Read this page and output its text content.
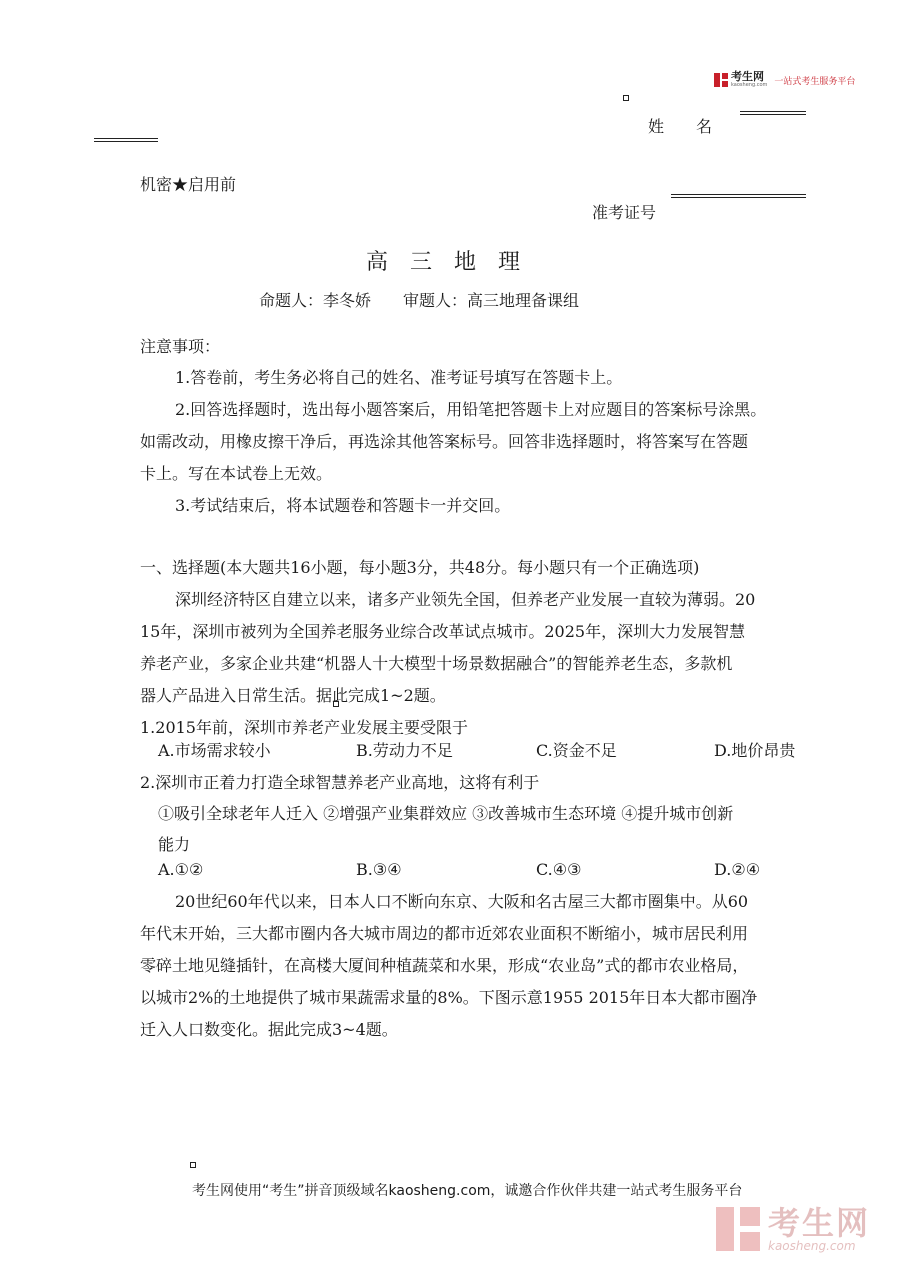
考生网
kaosheng.com 一站式考生服务平台
姓　　名
机密★启用前
准考证号
高三地理
命题人：李冬娇　　审题人：高三地理备课组
注意事项：
1.答卷前，考生务必将自己的姓名、准考证号填写在答题卡上。
2.回答选择题时，选出每小题答案后，用铅笔把答题卡上对应题目的答案标号涂黑。
如需改动，用橡皮擦干净后，再选涂其他答案标号。回答非选择题时，将答案写在答题
卡上。写在本试卷上无效。
3.考试结束后，将本试题卷和答题卡一并交回。
一、选择题(本大题共16小题，每小题3分，共48分。每小题只有一个正确选项)
深圳经济特区自建立以来，诸多产业领先全国，但养老产业发展一直较为薄弱。20
15年，深圳市被列为全国养老服务业综合改革试点城市。2025年，深圳大力发展智慧
养老产业，多家企业共建“机器人十大模型十场景数据融合”的智能养老生态，多款机
器人产品进入日常生活。据此完成1~2题。
1.2015年前，深圳市养老产业发展主要受限于
A.市场需求较小	B.劳动力不足	C.资金不足	D.地价昂贵
2.深圳市正着力打造全球智慧养老产业高地，这将有利于
①吸引全球老年人迁入 ②增强产业集群效应 ③改善城市生态环境 ④提升城市创新
能力
A.①②	B.③④	C.④③	D.②④
20世纪60年代以来，日本人口不断向东京、大阪和名古屋三大都市圈集中。从60
年代末开始，三大都市圈内各大城市周边的都市近郊农业面积不断缩小，城市居民利用
零碎土地见缝插针，在高楼大厦间种植蔬菜和水果，形成“农业岛”式的都市农业格局，
以城市2%的土地提供了城市果蔬需求量的8%。下图示意1955 2015年日本大都市圈净
迁入人口数变化。据此完成3~4题。
考生网使用“考生”拼音顶级域名kaosheng.com，诚邀合作伙伴共建一站式考生服务平台
考生网
kaosheng.com
